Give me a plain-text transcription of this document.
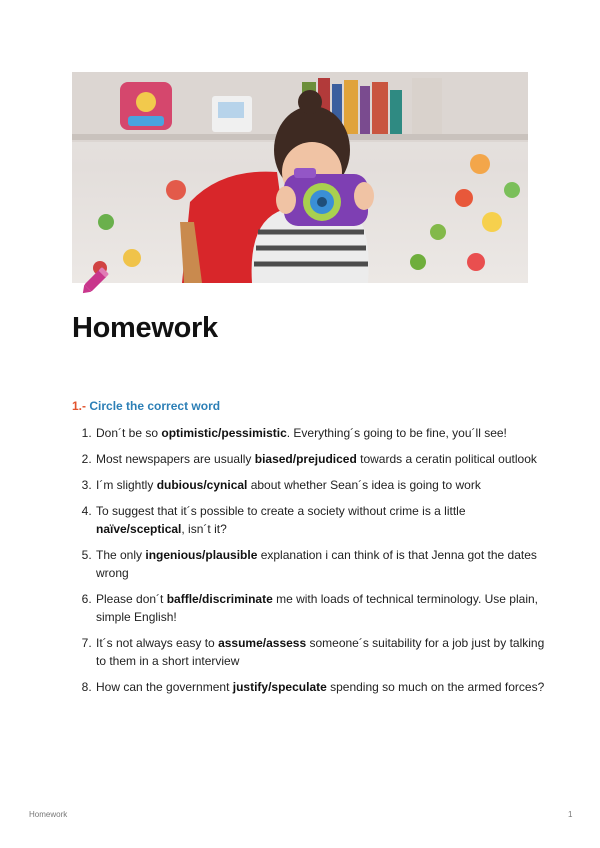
Homework
1.- Circle the correct word
1. Don´t be so optimistic/pessimistic. Everything´s going to be fine, you´ll see!
2. Most newspapers are usually biased/prejudiced towards a ceratin political outlook
3. I´m slightly dubious/cynical about whether Sean´s idea is going to work
4. To suggest that it´s possible to create a society without crime is a little naïve/sceptical, isn´t it?
5. The only ingenious/plausible explanation i can think of is that Jenna got the dates wrong
6. Please don´t baffle/discriminate me with loads of technical terminology. Use plain, simple English!
7. It´s not always easy to assume/assess someone´s suitability for a job just by talking to them in a short interview
8. How can the government justify/speculate spending so much on the armed forces?
Homework	1
